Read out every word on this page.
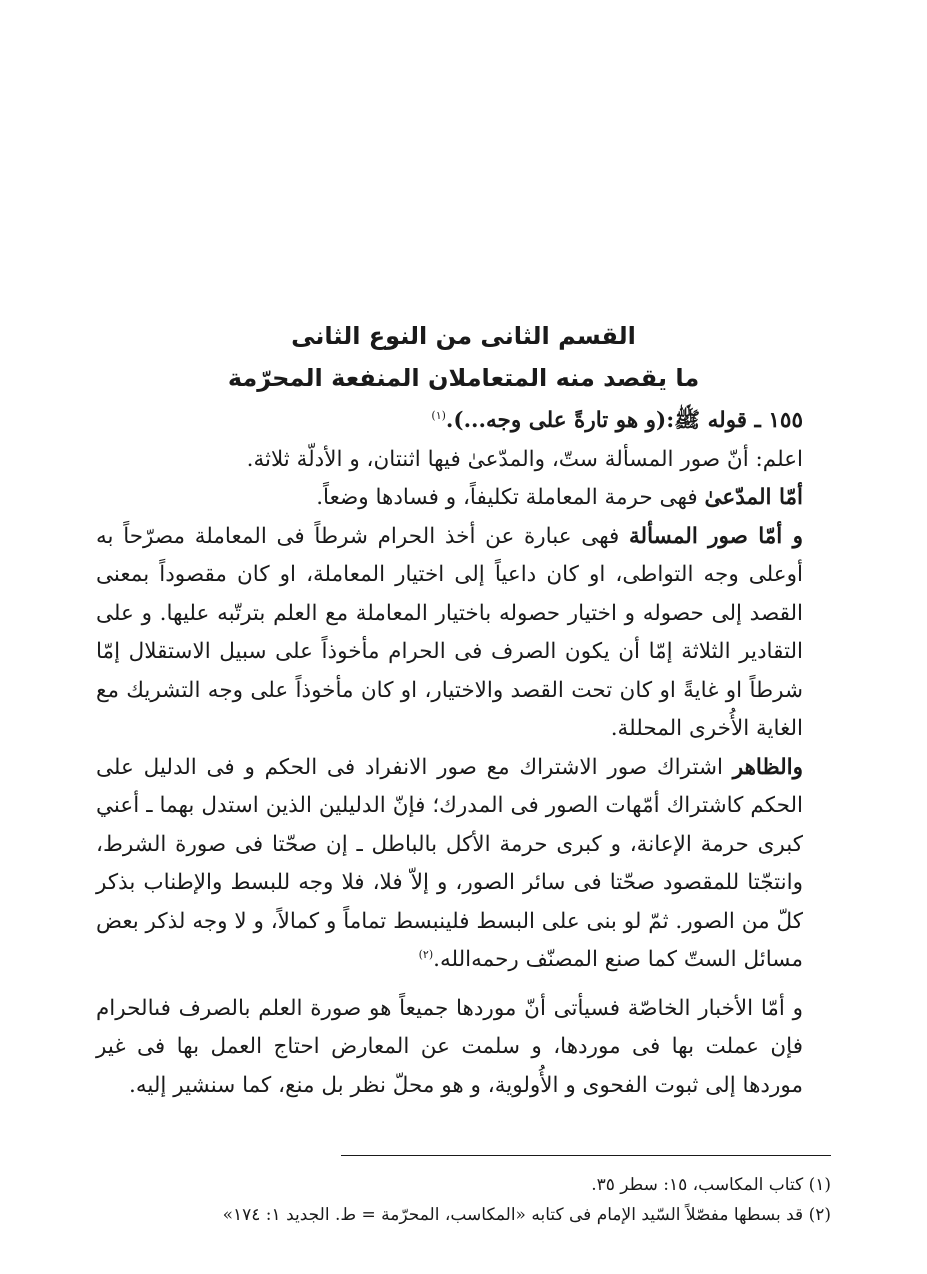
القسم الثانى من النوع الثانى
ما يقصد منه المتعاملان المنفعة المحرّمة

١٥٥ ـ قوله ﷺ:(و هو تارةً على وجه...).$^{(١)}$

اعلم: أنّ صور المسألة ستّ، والمدّعىٰ فيها اثنتان، و الأدلّة ثلاثة.

أمّا المدّعىٰ فهى حرمة المعاملة تكليفاً، و فسادها وضعاً.

و أمّا صور المسألة فهى عبارة عن أخذ الحرام شرطاً فى المعاملة مصرّحاً به أوعلى وجه التواطى، او كان داعياً إلى اختيار المعاملة، او كان مقصوداً بمعنى القصد إلى حصوله و اختيار حصوله باختيار المعاملة مع العلم بترتّبه عليها. و على التقادير الثلاثة إمّا أن يكون الصرف فى الحرام مأخوذاً على سبيل الاستقلال إمّا شرطاً او غايةً او كان تحت القصد والاختيار، او كان مأخوذاً على وجه التشريك مع الغاية الأُخرى المحللة.

والظاهر اشتراك صور الاشتراك مع صور الانفراد فى الحكم و فى الدليل على الحكم كاشتراك أمّهات الصور فى المدرك؛ فإنّ الدليلين الذين استدل بهما ـ أعني كبرى حرمة الإعانة، و كبرى حرمة الأكل بالباطل ـ إن صحّتا فى صورة الشرط، وانتجّتا للمقصود صحّتا فى سائر الصور، و إلاّ فلا، فلا وجه للبسط والإطناب بذكر كلّ من الصور. ثمّ لو بنى على البسط فلينبسط تماماً و كمالاً، و لا وجه لذكر بعض مسائل الستّ كما صنع المصنّف رحمه‌الله.$^{(٢)}$

و أمّا الأخبار الخاصّة فسيأتى أنّ موردها جميعاً هو صورة العلم بالصرف فىالحرام فإن عملت بها فى موردها، و سلمت عن المعارض احتاج العمل بها فى غير موردها إلى ثبوت الفحوى و الأُولوية، و هو محلّ نظر بل منع، كما سنشير إليه.

(١) كتاب المكاسب، ١٥: سطر ٣٥.

(٢) قد بسطها مفصّلاً السّيد الإمام فى كتابه «المكاسب، المحرّمة = ط. الجديد ١: ١٧٤»
